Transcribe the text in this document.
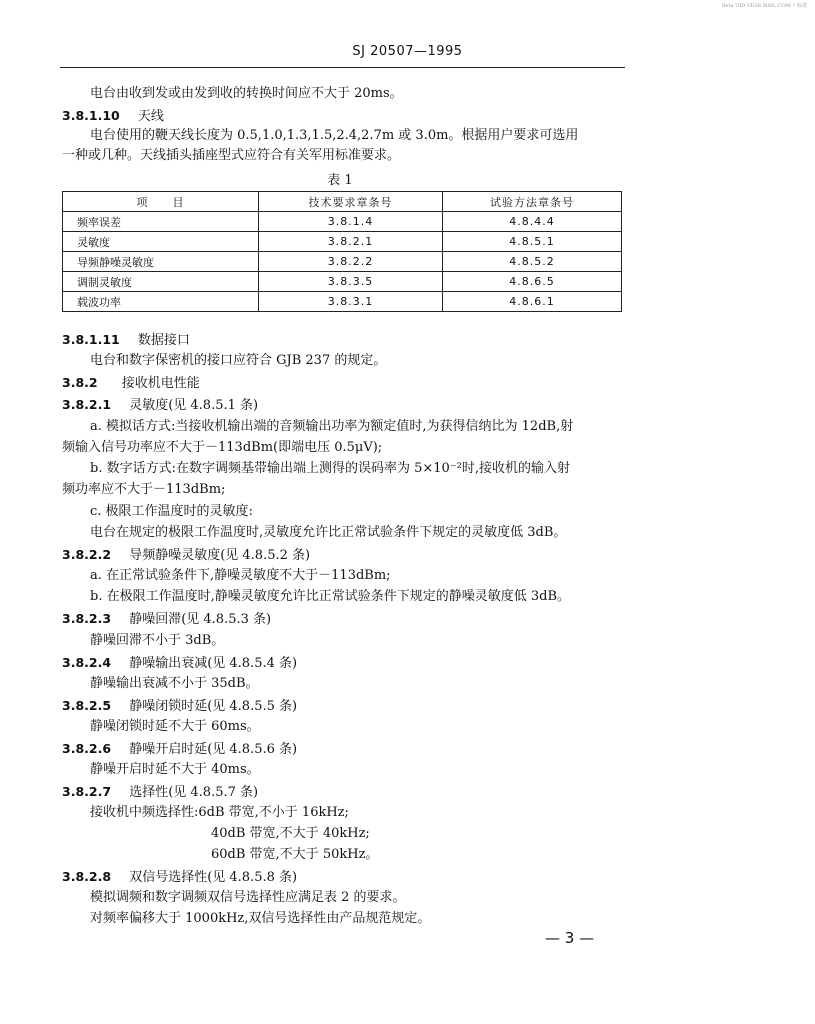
Beta UID VE3R MML.COM • 标准
SJ 20507—1995
电台由收到发或由发到收的转换时间应不大于 20ms。
3.8.1.10 天线
电台使用的鞭天线长度为 0.5,1.0,1.3,1.5,2.4,2.7m 或 3.0m。根据用户要求可选用
一种或几种。天线插头插座型式应符合有关军用标准要求。
表 1
项　　目	技术要求章条号	试验方法章条号
频率误差	3.8.1.4	4.8.4.4
灵敏度	3.8.2.1	4.8.5.1
导频静噪灵敏度	3.8.2.2	4.8.5.2
调制灵敏度	3.8.3.5	4.8.6.5
载波功率	3.8.3.1	4.8.6.1
3.8.1.11 数据接口
电台和数字保密机的接口应符合 GJB 237 的规定。
3.8.2 接收机电性能
3.8.2.1 灵敏度(见 4.8.5.1 条)
a. 模拟话方式:当接收机输出端的音频输出功率为额定值时,为获得信纳比为 12dB,射
频输入信号功率应不大于－113dBm(即端电压 0.5μV);
b. 数字话方式:在数字调频基带输出端上测得的误码率为 5×10⁻²时,接收机的输入射
频功率应不大于－113dBm;
c. 极限工作温度时的灵敏度:
电台在规定的极限工作温度时,灵敏度允许比正常试验条件下规定的灵敏度低 3dB。
3.8.2.2 导频静噪灵敏度(见 4.8.5.2 条)
a. 在正常试验条件下,静噪灵敏度不大于－113dBm;
b. 在极限工作温度时,静噪灵敏度允许比正常试验条件下规定的静噪灵敏度低 3dB。
3.8.2.3 静噪回滞(见 4.8.5.3 条)
静噪回滞不小于 3dB。
3.8.2.4 静噪输出衰减(见 4.8.5.4 条)
静噪输出衰减不小于 35dB。
3.8.2.5 静噪闭锁时延(见 4.8.5.5 条)
静噪闭锁时延不大于 60ms。
3.8.2.6 静噪开启时延(见 4.8.5.6 条)
静噪开启时延不大于 40ms。
3.8.2.7 选择性(见 4.8.5.7 条)
接收机中频选择性:6dB 带宽,不小于 16kHz;
40dB 带宽,不大于 40kHz;
60dB 带宽,不大于 50kHz。
3.8.2.8 双信号选择性(见 4.8.5.8 条)
模拟调频和数字调频双信号选择性应满足表 2 的要求。
对频率偏移大于 1000kHz,双信号选择性由产品规范规定。
— 3 —
